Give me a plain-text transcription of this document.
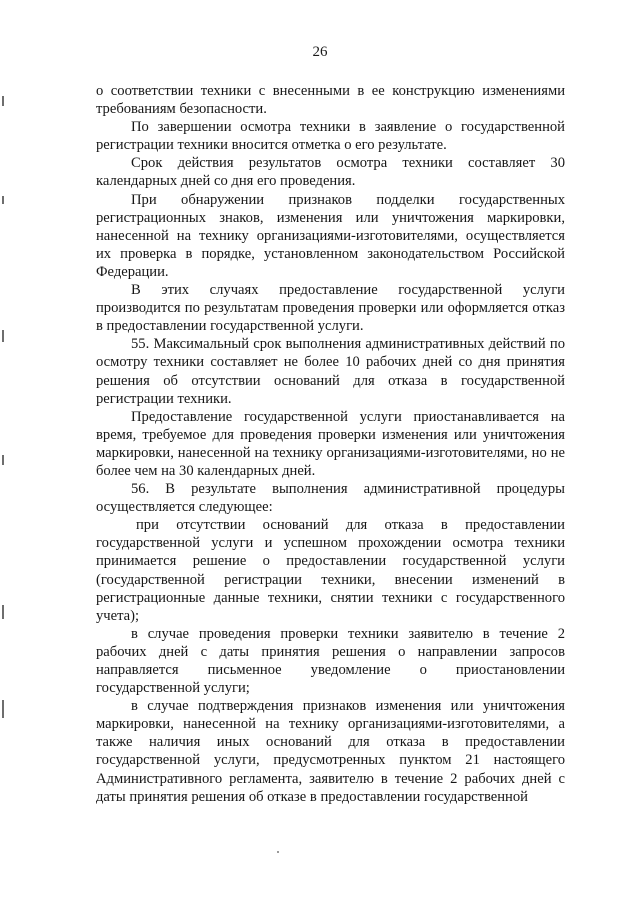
26

о соответствии техники с внесенными в ее конструкцию изменениями требованиям безопасности.

По завершении осмотра техники в заявление о государственной регистрации техники вносится отметка о его результате.

Срок действия результатов осмотра техники составляет 30 календарных дней со дня его проведения.

При обнаружении признаков подделки государственных регистрационных знаков, изменения или уничтожения маркировки, нанесенной на технику организациями-изготовителями, осуществляется их проверка в порядке, установленном законодательством Российской Федерации.

В этих случаях предоставление государственной услуги производится по результатам проведения проверки или оформляется отказ в предоставлении государственной услуги.

55. Максимальный срок выполнения административных действий по осмотру техники составляет не более 10 рабочих дней со дня принятия решения об отсутствии оснований для отказа в государственной регистрации техники.

Предоставление государственной услуги приостанавливается на время, требуемое для проведения проверки изменения или уничтожения маркировки, нанесенной на технику организациями-изготовителями, но не более чем на 30 календарных дней.

56. В результате выполнения административной процедуры осуществляется следующее:

при отсутствии оснований для отказа в предоставлении государственной услуги и успешном прохождении осмотра техники принимается решение о предоставлении государственной услуги (государственной регистрации техники, внесении изменений в регистрационные данные техники, снятии техники с государственного учета);

в случае проведения проверки техники заявителю в течение 2 рабочих дней с даты принятия решения о направлении запросов направляется письменное уведомление о приостановлении государственной услуги;

в случае подтверждения признаков изменения или уничтожения маркировки, нанесенной на технику организациями-изготовителями, а также наличия иных оснований для отказа в предоставлении государственной услуги, предусмотренных пунктом 21 настоящего Административного регламента, заявителю в течение 2 рабочих дней с даты принятия решения об отказе в предоставлении государственной
